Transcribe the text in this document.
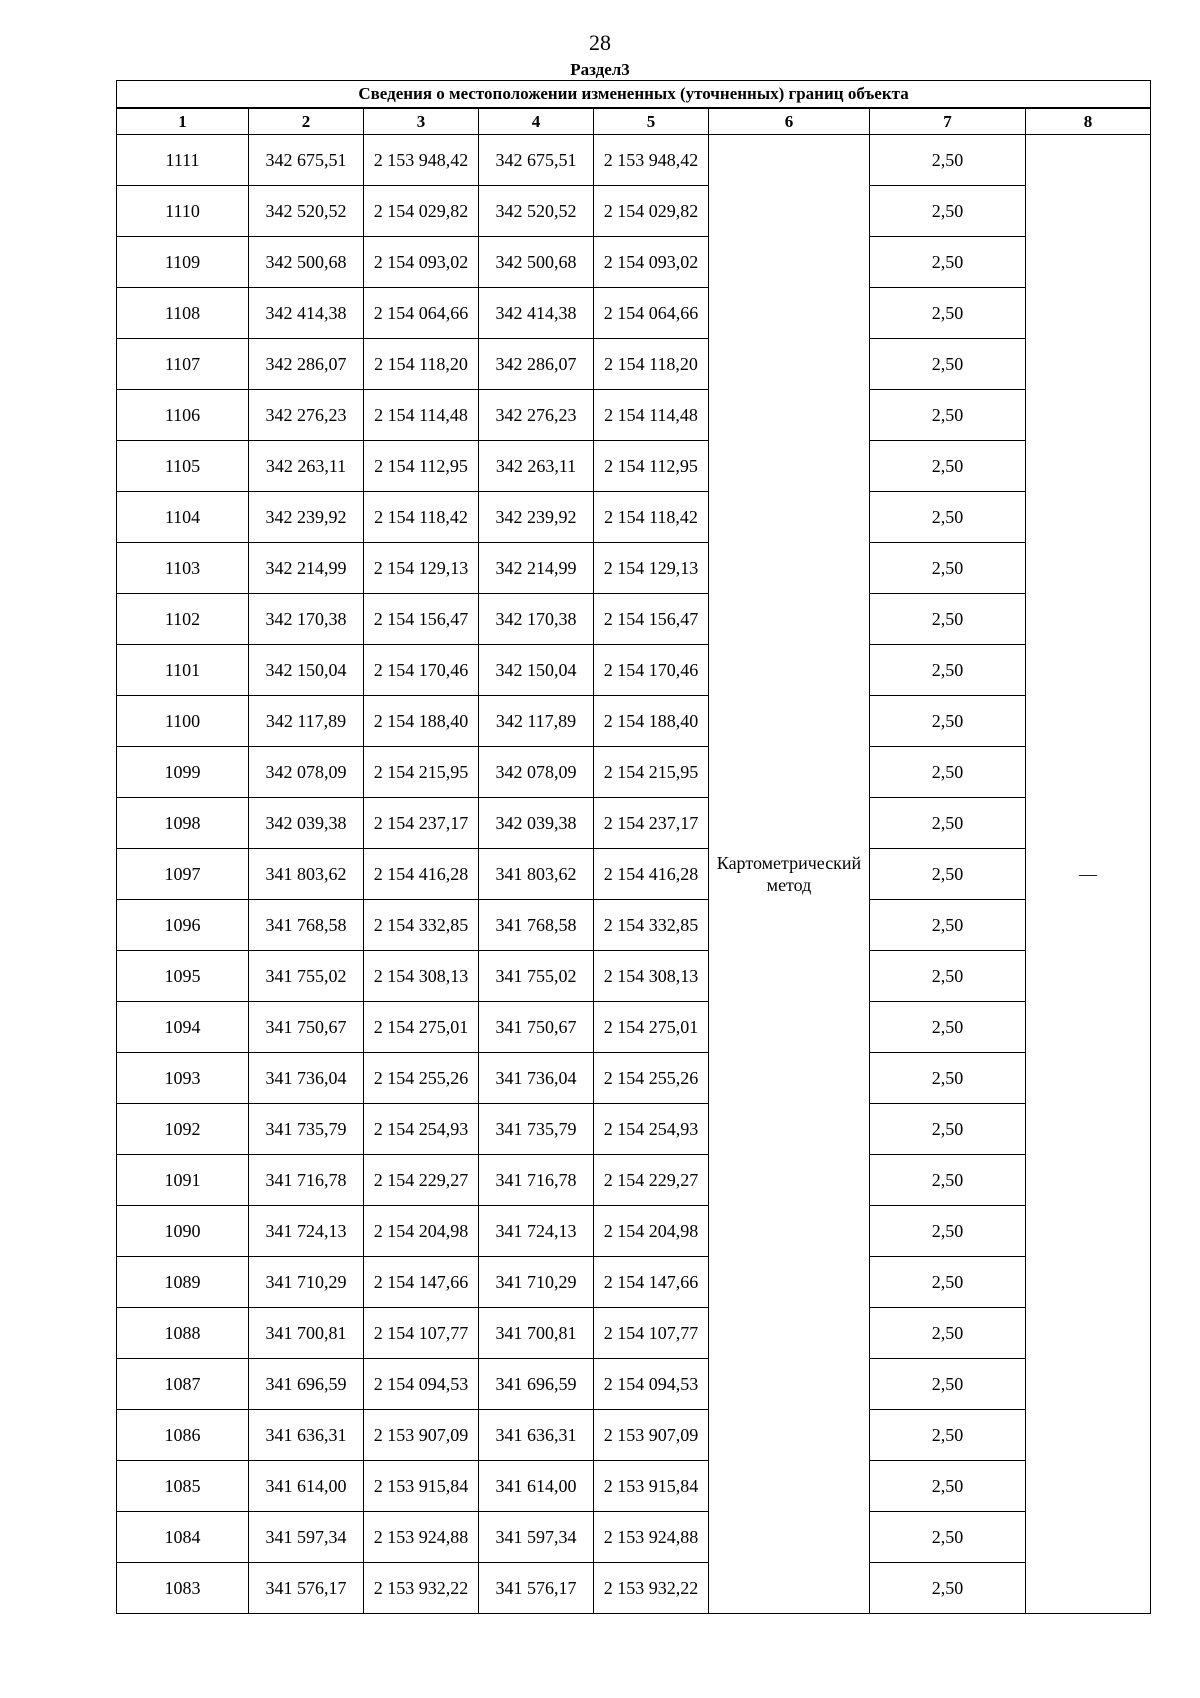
28
Раздел3
Сведения о местоположении измененных (уточненных) границ объекта							
1	2	3	4	5	6	7	8
1111	342 675,51	2 153 948,42	342 675,51	2 153 948,42	Картометрический метод	2,50	—
1110	342 520,52	2 154 029,82	342 520,52	2 154 029,82		2,50	
1109	342 500,68	2 154 093,02	342 500,68	2 154 093,02		2,50	
1108	342 414,38	2 154 064,66	342 414,38	2 154 064,66		2,50	
1107	342 286,07	2 154 118,20	342 286,07	2 154 118,20		2,50	
1106	342 276,23	2 154 114,48	342 276,23	2 154 114,48		2,50	
1105	342 263,11	2 154 112,95	342 263,11	2 154 112,95		2,50	
1104	342 239,92	2 154 118,42	342 239,92	2 154 118,42		2,50	
1103	342 214,99	2 154 129,13	342 214,99	2 154 129,13		2,50	
1102	342 170,38	2 154 156,47	342 170,38	2 154 156,47		2,50	
1101	342 150,04	2 154 170,46	342 150,04	2 154 170,46		2,50	
1100	342 117,89	2 154 188,40	342 117,89	2 154 188,40		2,50	
1099	342 078,09	2 154 215,95	342 078,09	2 154 215,95		2,50	
1098	342 039,38	2 154 237,17	342 039,38	2 154 237,17		2,50	
1097	341 803,62	2 154 416,28	341 803,62	2 154 416,28		2,50	
1096	341 768,58	2 154 332,85	341 768,58	2 154 332,85		2,50	
1095	341 755,02	2 154 308,13	341 755,02	2 154 308,13		2,50	
1094	341 750,67	2 154 275,01	341 750,67	2 154 275,01		2,50	
1093	341 736,04	2 154 255,26	341 736,04	2 154 255,26		2,50	
1092	341 735,79	2 154 254,93	341 735,79	2 154 254,93		2,50	
1091	341 716,78	2 154 229,27	341 716,78	2 154 229,27		2,50	
1090	341 724,13	2 154 204,98	341 724,13	2 154 204,98		2,50	
1089	341 710,29	2 154 147,66	341 710,29	2 154 147,66		2,50	
1088	341 700,81	2 154 107,77	341 700,81	2 154 107,77		2,50	
1087	341 696,59	2 154 094,53	341 696,59	2 154 094,53		2,50	
1086	341 636,31	2 153 907,09	341 636,31	2 153 907,09		2,50	
1085	341 614,00	2 153 915,84	341 614,00	2 153 915,84		2,50	
1084	341 597,34	2 153 924,88	341 597,34	2 153 924,88		2,50	
1083	341 576,17	2 153 932,22	341 576,17	2 153 932,22		2,50	
